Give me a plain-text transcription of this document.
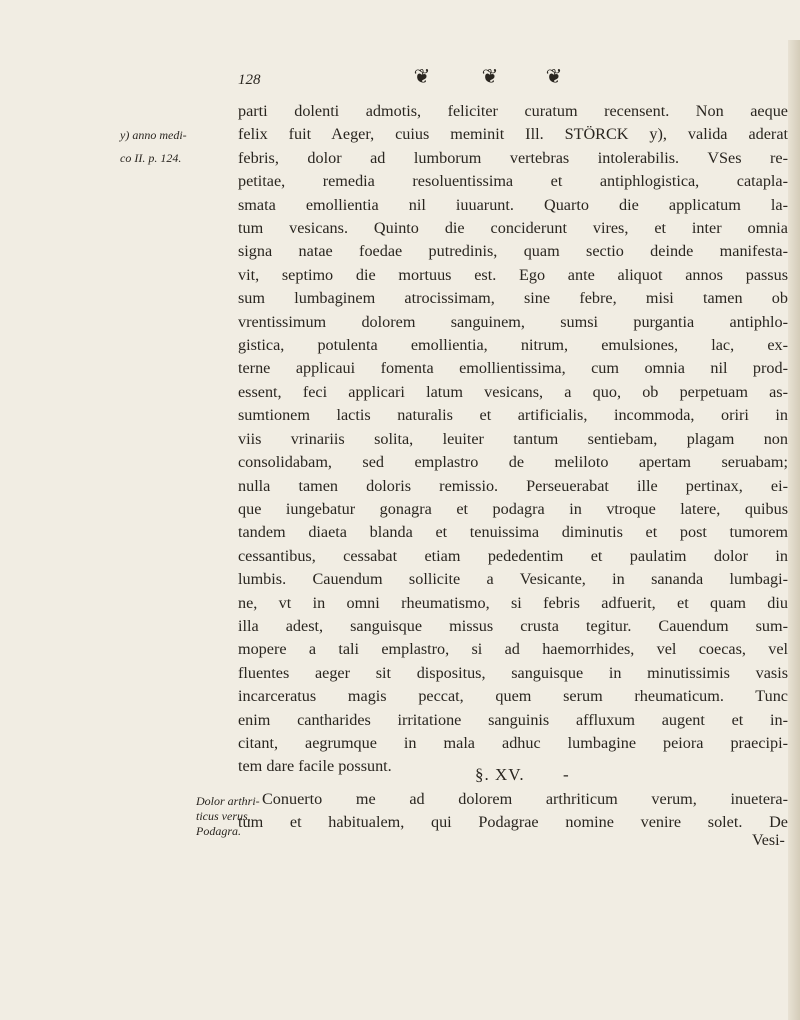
128	❦	❦ ❦
y) anno medi-
co II. p. 124.
parti dolenti admotis, feliciter curatum recensent. Non aeque
felix fuit Aeger, cuius meminit Ill. STÖRCK y), valida aderat
febris, dolor ad lumborum vertebras intolerabilis. VSes re-
petitae, remedia resoluentissima et antiphlogistica, catapla-
smata emollientia nil iuuarunt. Quarto die applicatum la-
tum vesicans. Quinto die conciderunt vires, et inter omnia
signa natae foedae putredinis, quam sectio deinde manifesta-
vit, septimo die mortuus est. Ego ante aliquot annos passus
sum lumbaginem atrocissimam, sine febre, misi tamen ob
vrentissimum dolorem sanguinem, sumsi purgantia antiphlo-
gistica, potulenta emollientia, nitrum, emulsiones, lac, ex-
terne applicaui fomenta emollientissima, cum omnia nil prod-
essent, feci applicari latum vesicans, a quo, ob perpetuam as-
sumtionem lactis naturalis et artificialis, incommoda, oriri in
viis vrinariis solita, leuiter tantum sentiebam, plagam non
consolidabam, sed emplastro de meliloto apertam seruabam;
nulla tamen doloris remissio. Perseuerabat ille pertinax, ei-
que iungebatur gonagra et podagra in vtroque latere, quibus
tandem diaeta blanda et tenuissima diminutis et post tumorem
cessantibus, cessabat etiam pededentim et paulatim dolor in
lumbis. Cauendum sollicite a Vesicante, in sananda lumbagi-
ne, vt in omni rheumatismo, si febris adfuerit, et quam diu
illa adest, sanguisque missus crusta tegitur. Cauendum sum-
mopere a tali emplastro, si ad haemorrhides, vel coecas, vel
fluentes aeger sit dispositus, sanguisque in minutissimis vasis
incarceratus magis peccat, quem serum rheumaticum. Tunc
enim cantharides irritatione sanguinis affluxum augent et in-
citant, aegrumque in mala adhuc lumbagine peiora praecipi-
tem dare facile possunt.	§. XV. -
Dolor arthri-
ticus verus,
Podagra.
Conuerto me ad dolorem arthriticum verum, inuetera-
tum et habitualem, qui Podagrae nomine venire solet. De
Vesi-
